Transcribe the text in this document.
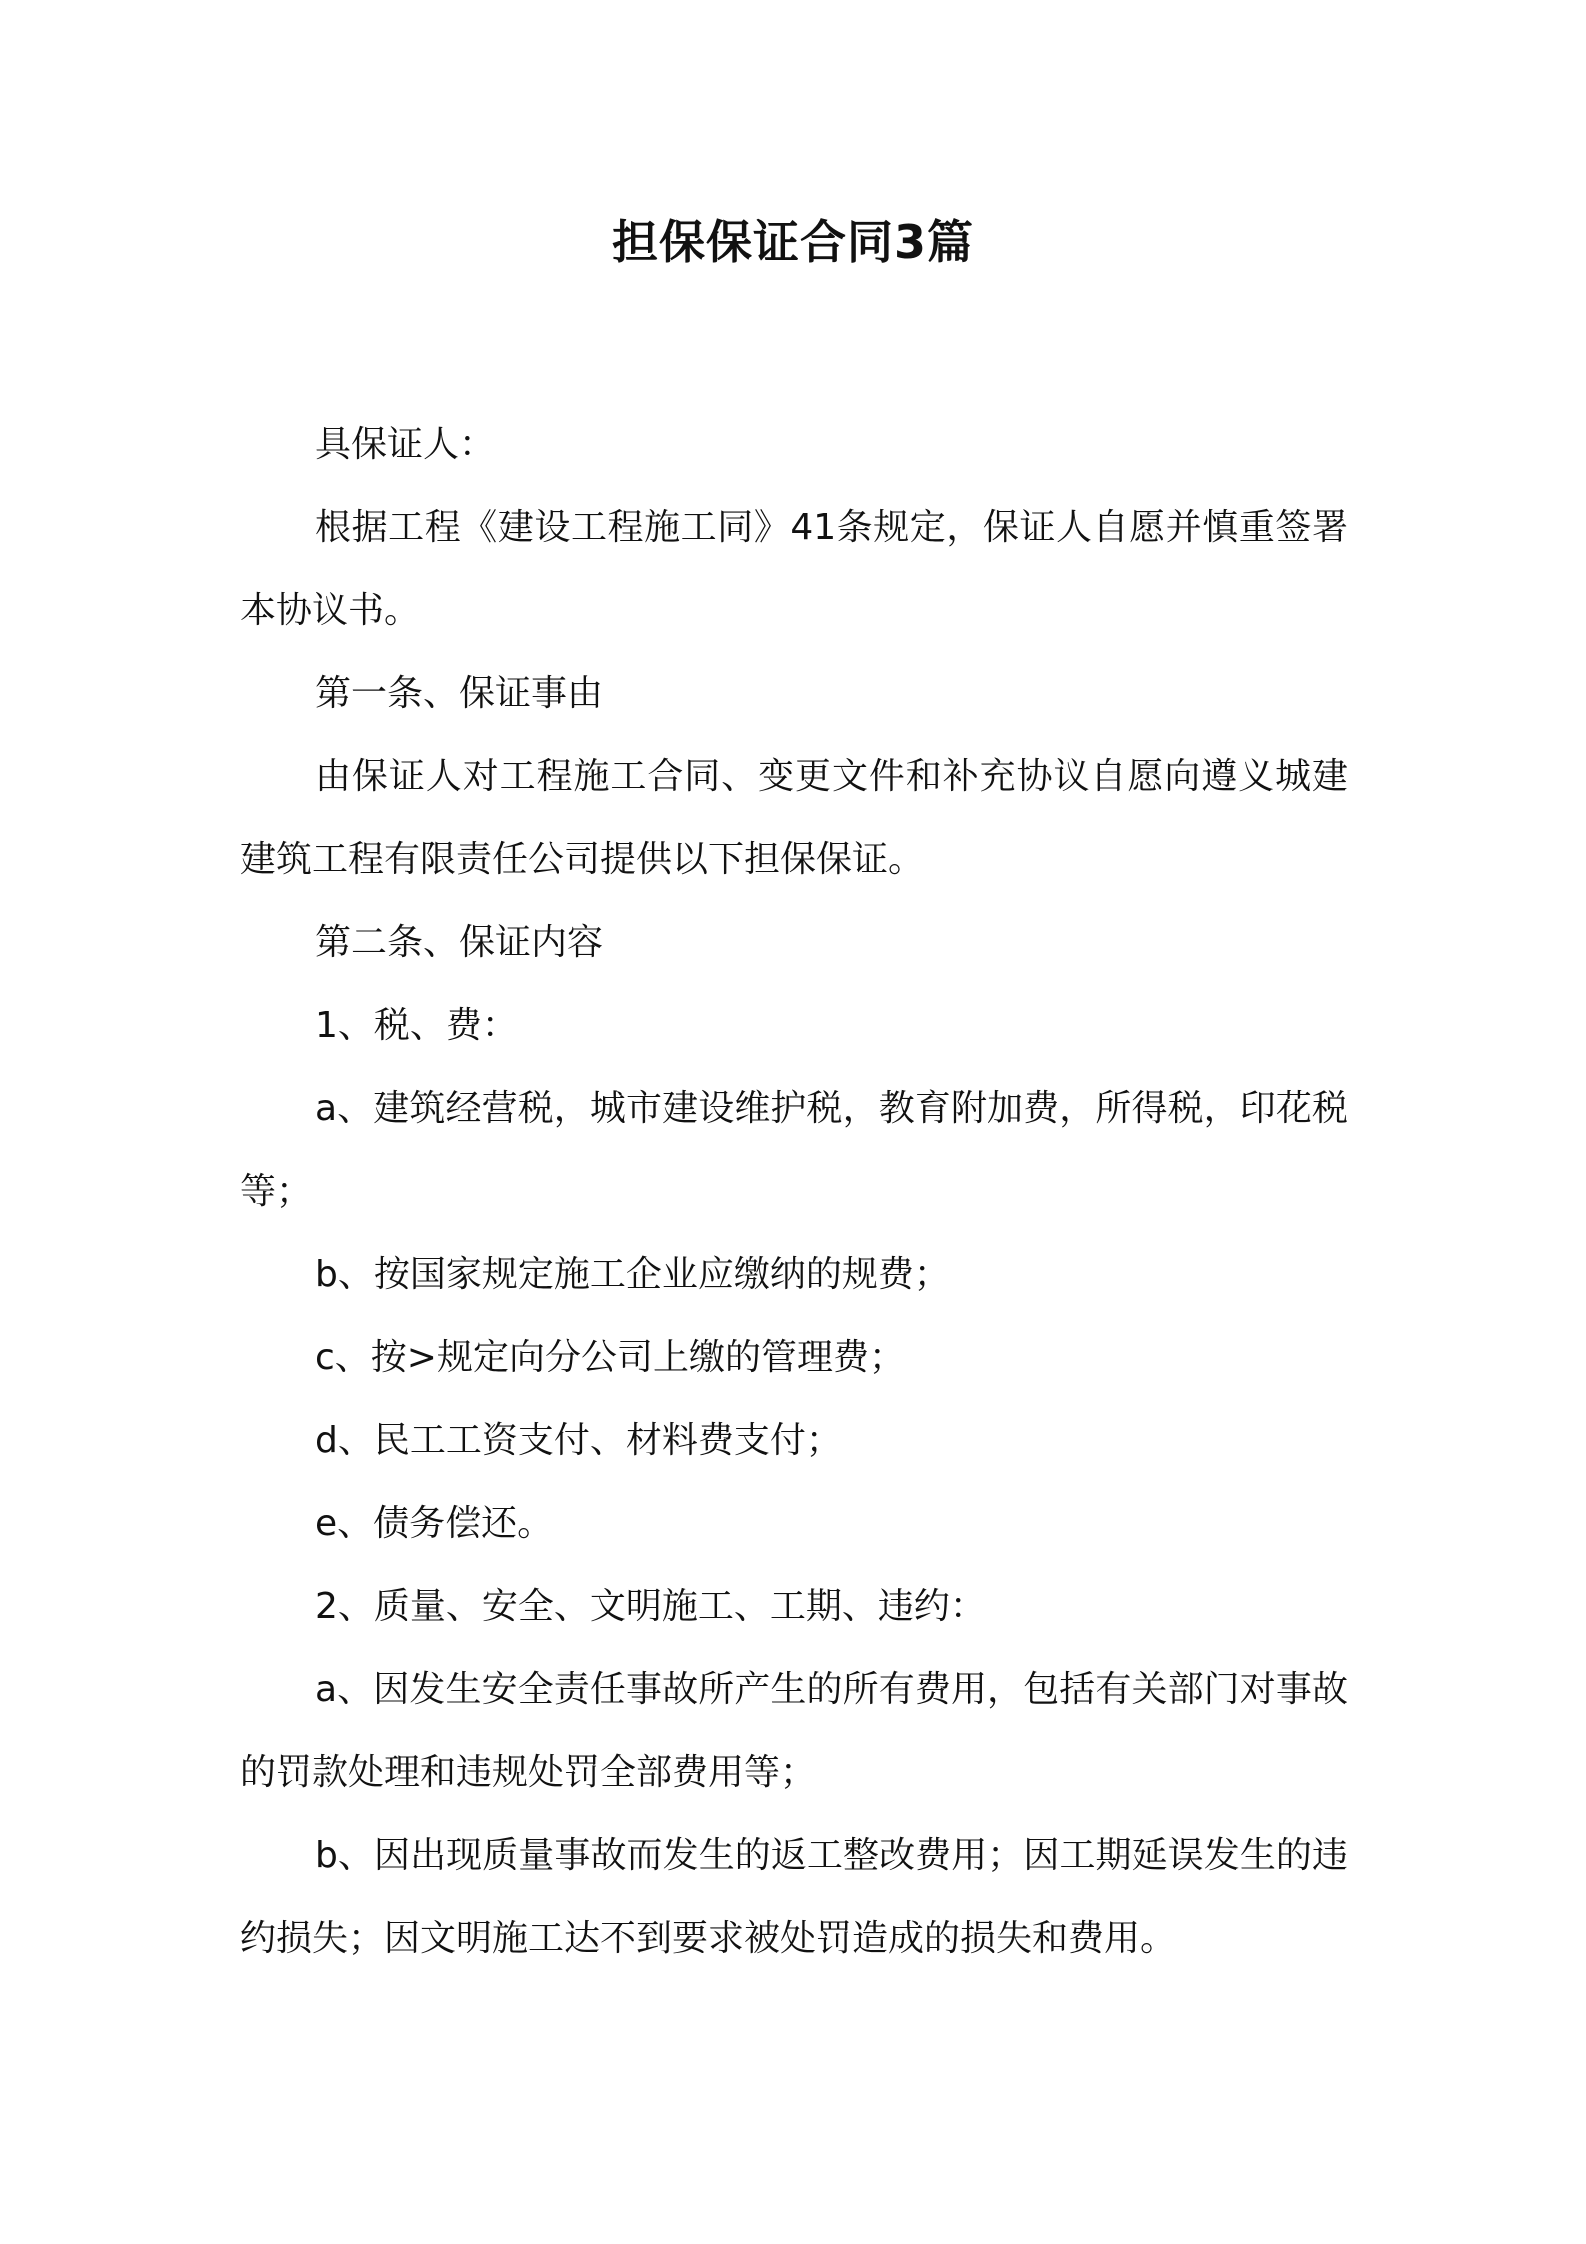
担保保证合同3篇

具保证人：

根据工程《建设工程施工同》41条规定，保证人自愿并慎重签署本协议书。

第一条、保证事由

由保证人对工程施工合同、变更文件和补充协议自愿向遵义城建建筑工程有限责任公司提供以下担保保证。

第二条、保证内容

1、税、费：

a、建筑经营税，城市建设维护税，教育附加费，所得税，印花税等；

b、按国家规定施工企业应缴纳的规费；

c、按>规定向分公司上缴的管理费；

d、民工工资支付、材料费支付；

e、债务偿还。

2、质量、安全、文明施工、工期、违约：

a、因发生安全责任事故所产生的所有费用，包括有关部门对事故的罚款处理和违规处罚全部费用等；

b、因出现质量事故而发生的返工整改费用；因工期延误发生的违约损失；因文明施工达不到要求被处罚造成的损失和费用。
